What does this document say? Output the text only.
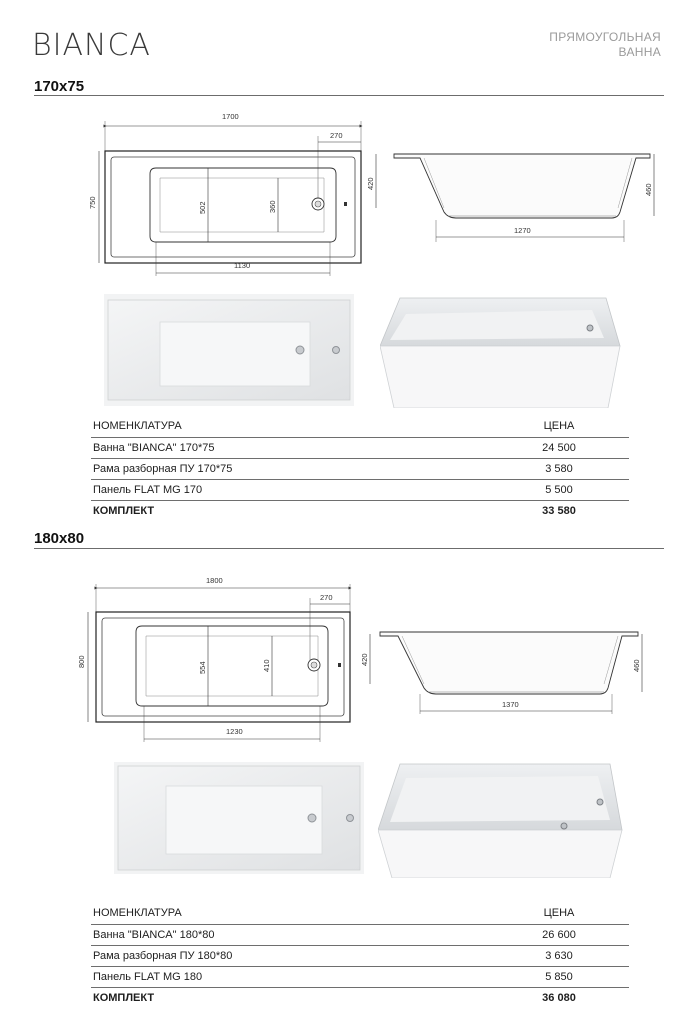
BIANCA	ПРЯМОУГОЛЬНАЯ
ВАННА
170x75
1700
270
750	502	360
1130
420	460
1270
НОМЕНКЛАТУРА	ЦЕНА
Ванна "BIANCA" 170*75	24 500
Рама разборная ПУ 170*75	3 580
Панель FLAT MG 170	5 500
КОМПЛЕКТ	33 580
180x80
1800
270
800	554	410
1230
420	460
1370
НОМЕНКЛАТУРА	ЦЕНА
Ванна "BIANCA" 180*80	26 600
Рама разборная ПУ 180*80	3 630
Панель FLAT MG 180	5 850
КОМПЛЕКТ	36 080
